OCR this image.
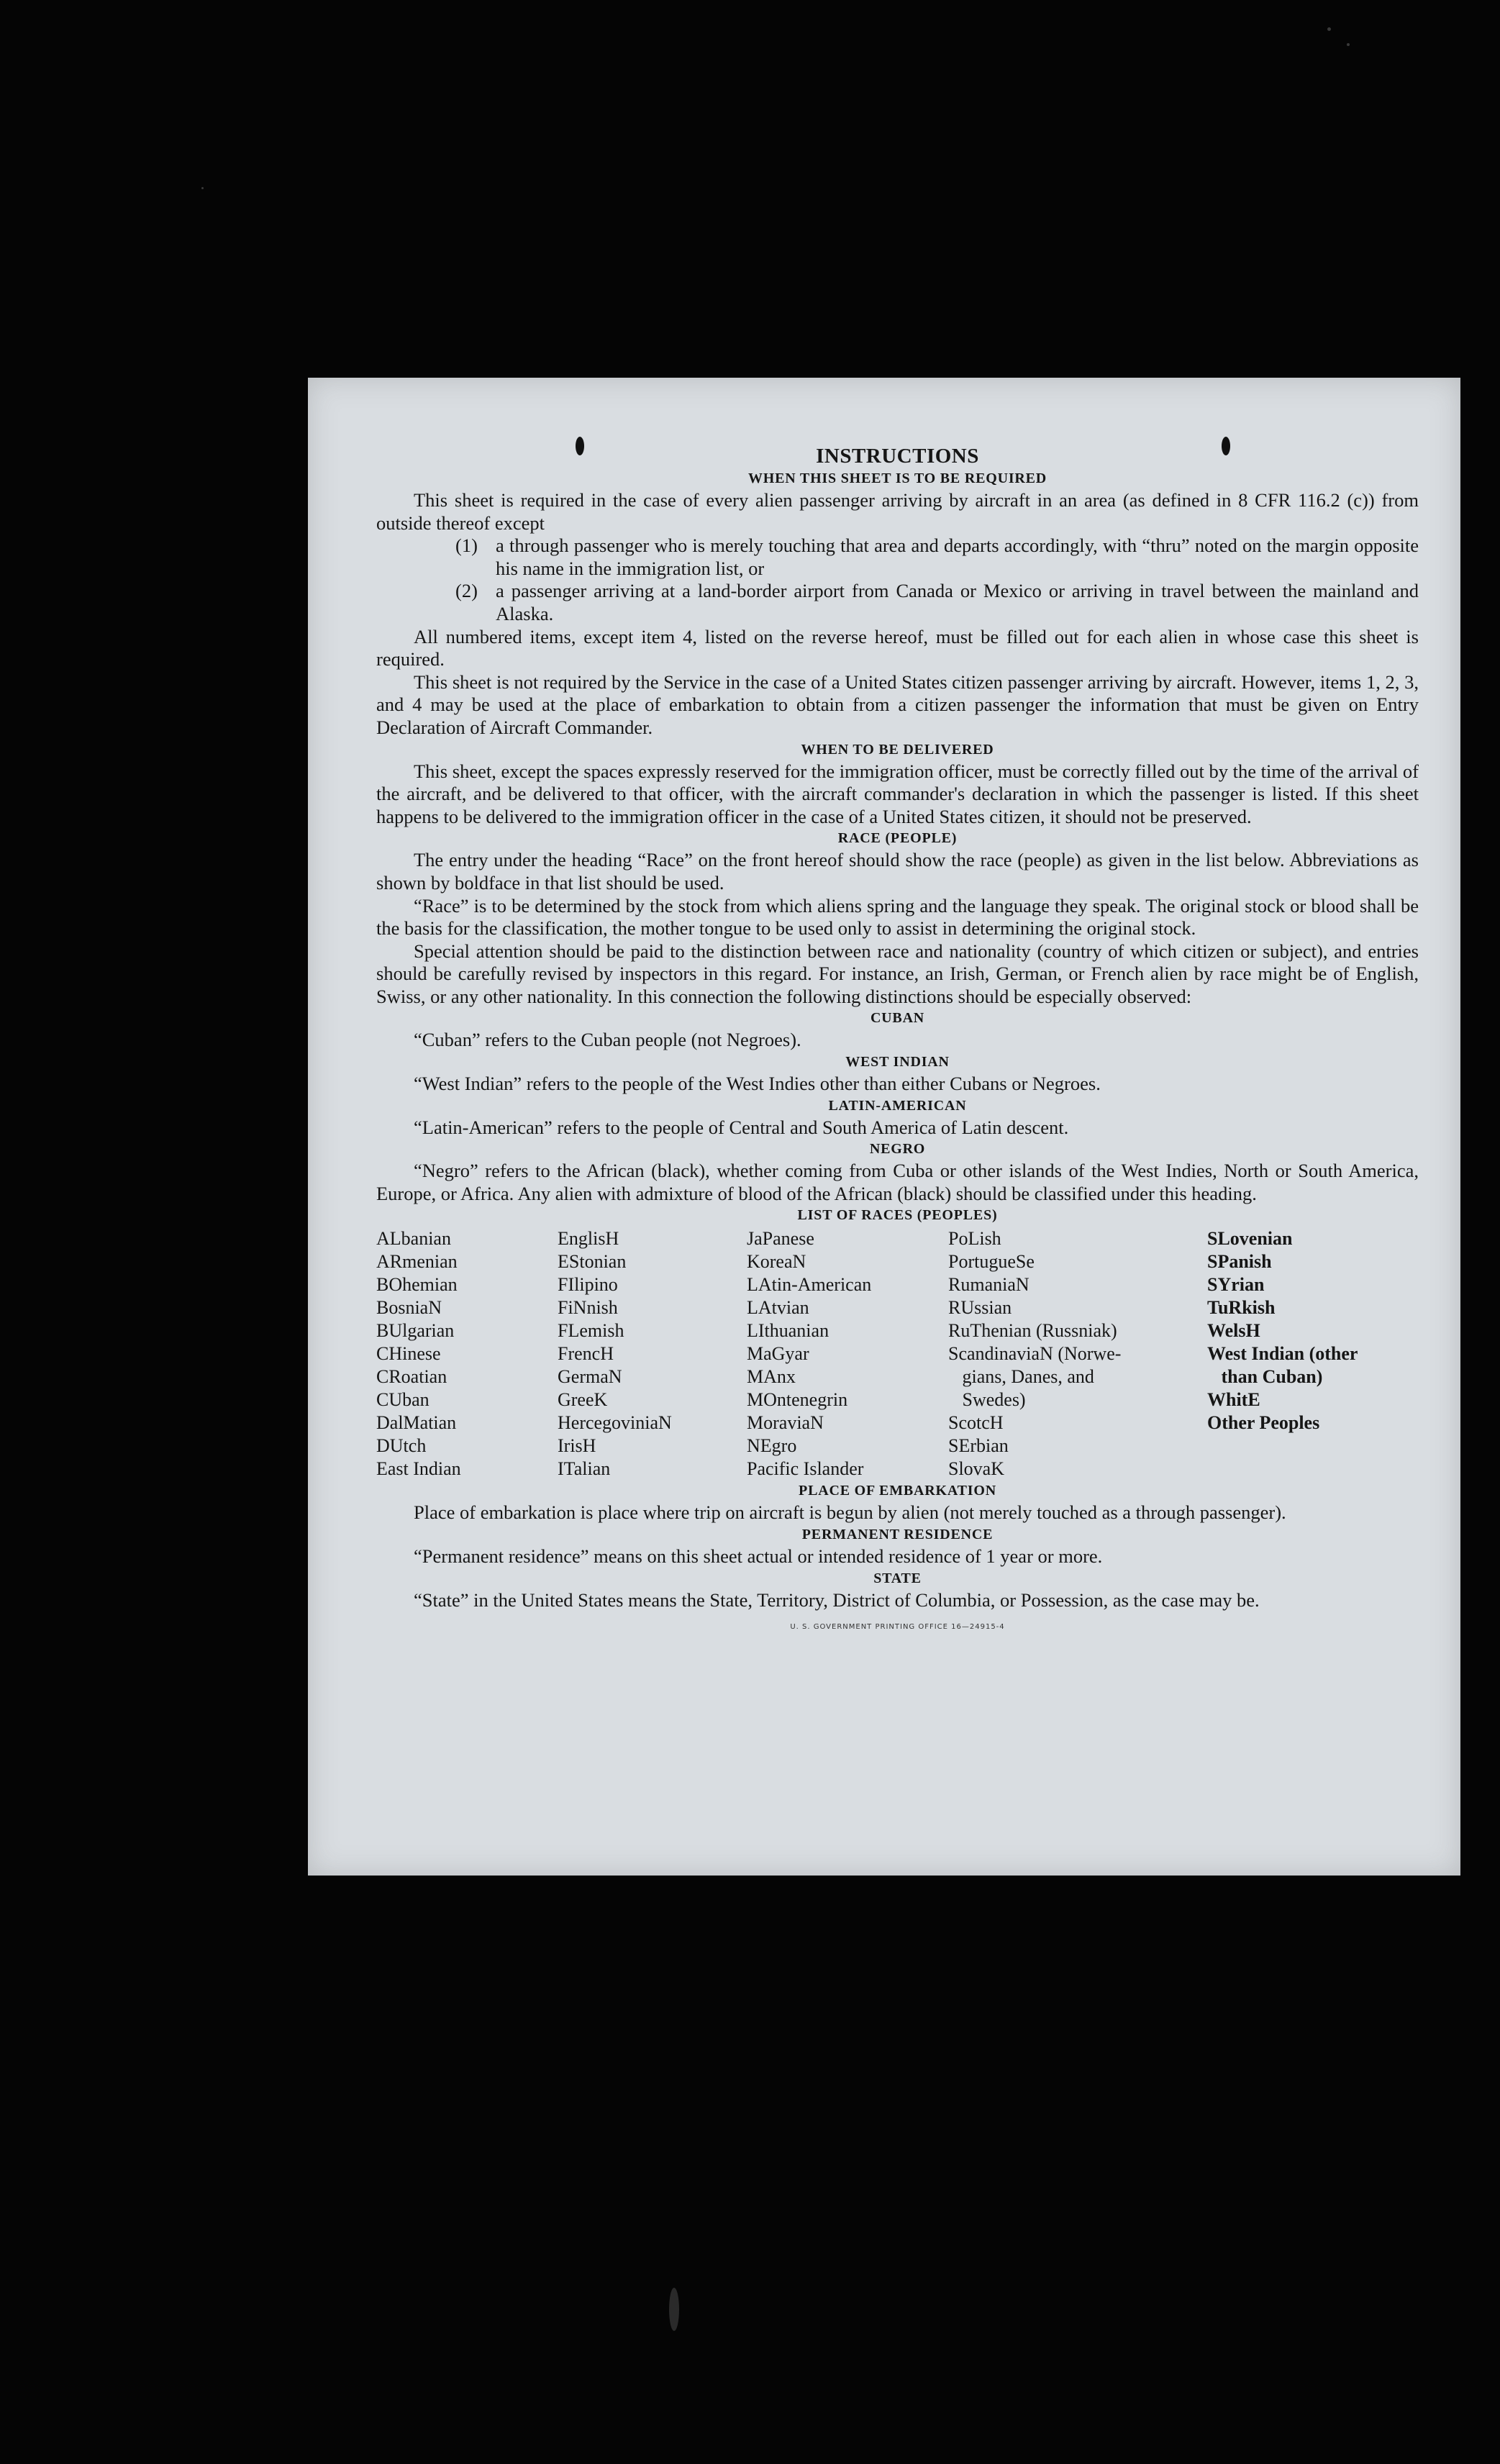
INSTRUCTIONS

WHEN THIS SHEET IS TO BE REQUIRED

This sheet is required in the case of every alien passenger arriving by aircraft in an area (as defined in 8 CFR 116.2 (c)) from outside thereof except

(1) a through passenger who is merely touching that area and departs accordingly, with “thru” noted on the margin opposite his name in the immigration list, or
(2) a passenger arriving at a land-border airport from Canada or Mexico or arriving in travel between the mainland and Alaska.

All numbered items, except item 4, listed on the reverse hereof, must be filled out for each alien in whose case this sheet is required.

This sheet is not required by the Service in the case of a United States citizen passenger arriving by aircraft. However, items 1, 2, 3, and 4 may be used at the place of embarkation to obtain from a citizen passenger the information that must be given on Entry Declaration of Aircraft Commander.

WHEN TO BE DELIVERED

This sheet, except the spaces expressly reserved for the immigration officer, must be correctly filled out by the time of the arrival of the aircraft, and be delivered to that officer, with the aircraft commander's declaration in which the passenger is listed. If this sheet happens to be delivered to the immigration officer in the case of a United States citizen, it should not be preserved.

RACE (PEOPLE)

The entry under the heading “Race” on the front hereof should show the race (people) as given in the list below. Abbreviations as shown by boldface in that list should be used.

“Race” is to be determined by the stock from which aliens spring and the language they speak. The original stock or blood shall be the basis for the classification, the mother tongue to be used only to assist in determining the original stock.

Special attention should be paid to the distinction between race and nationality (country of which citizen or subject), and entries should be carefully revised by inspectors in this regard. For instance, an Irish, German, or French alien by race might be of English, Swiss, or any other nationality. In this connection the following distinctions should be especially observed:

CUBAN

“Cuban” refers to the Cuban people (not Negroes).

WEST INDIAN

“West Indian” refers to the people of the West Indies other than either Cubans or Negroes.

LATIN-AMERICAN

“Latin-American” refers to the people of Central and South America of Latin descent.

NEGRO

“Negro” refers to the African (black), whether coming from Cuba or other islands of the West Indies, North or South America, Europe, or Africa. Any alien with admixture of blood of the African (black) should be classified under this heading.

LIST OF RACES (PEOPLES)

ALbanian
ARmenian
BOhemian
BosniaN
BUlgarian
CHinese
CRoatian
CUban
DalMatian
DUtch
East Indian
EnglisH
EStonian
FIlipino
FiNnish
FLemish
FrencH
GermaN
GreeK
HercegoviniaN
IrisH
ITalian
JaPanese
KoreaN
LAtin-American
LAtvian
LIthuanian
MaGyar
MAnx
MOntenegrin
MoraviaN
NEgro
Pacific Islander
PoLish
PortugueSe
RumaniaN
RUssian
RuThenian (Russniak)
ScandinaviaN (Norwe-
gians, Danes, and
Swedes)
ScotcH
SErbian
SlovaK
SLovenian
SPanish
SYrian
TuRkish
WelsH
West Indian (other
than Cuban)
WhitE
Other Peoples

PLACE OF EMBARKATION

Place of embarkation is place where trip on aircraft is begun by alien (not merely touched as a through passenger).

PERMANENT RESIDENCE

“Permanent residence” means on this sheet actual or intended residence of 1 year or more.

STATE

“State” in the United States means the State, Territory, District of Columbia, or Possession, as the case may be.

U. S. GOVERNMENT PRINTING OFFICE 16—24915-4
